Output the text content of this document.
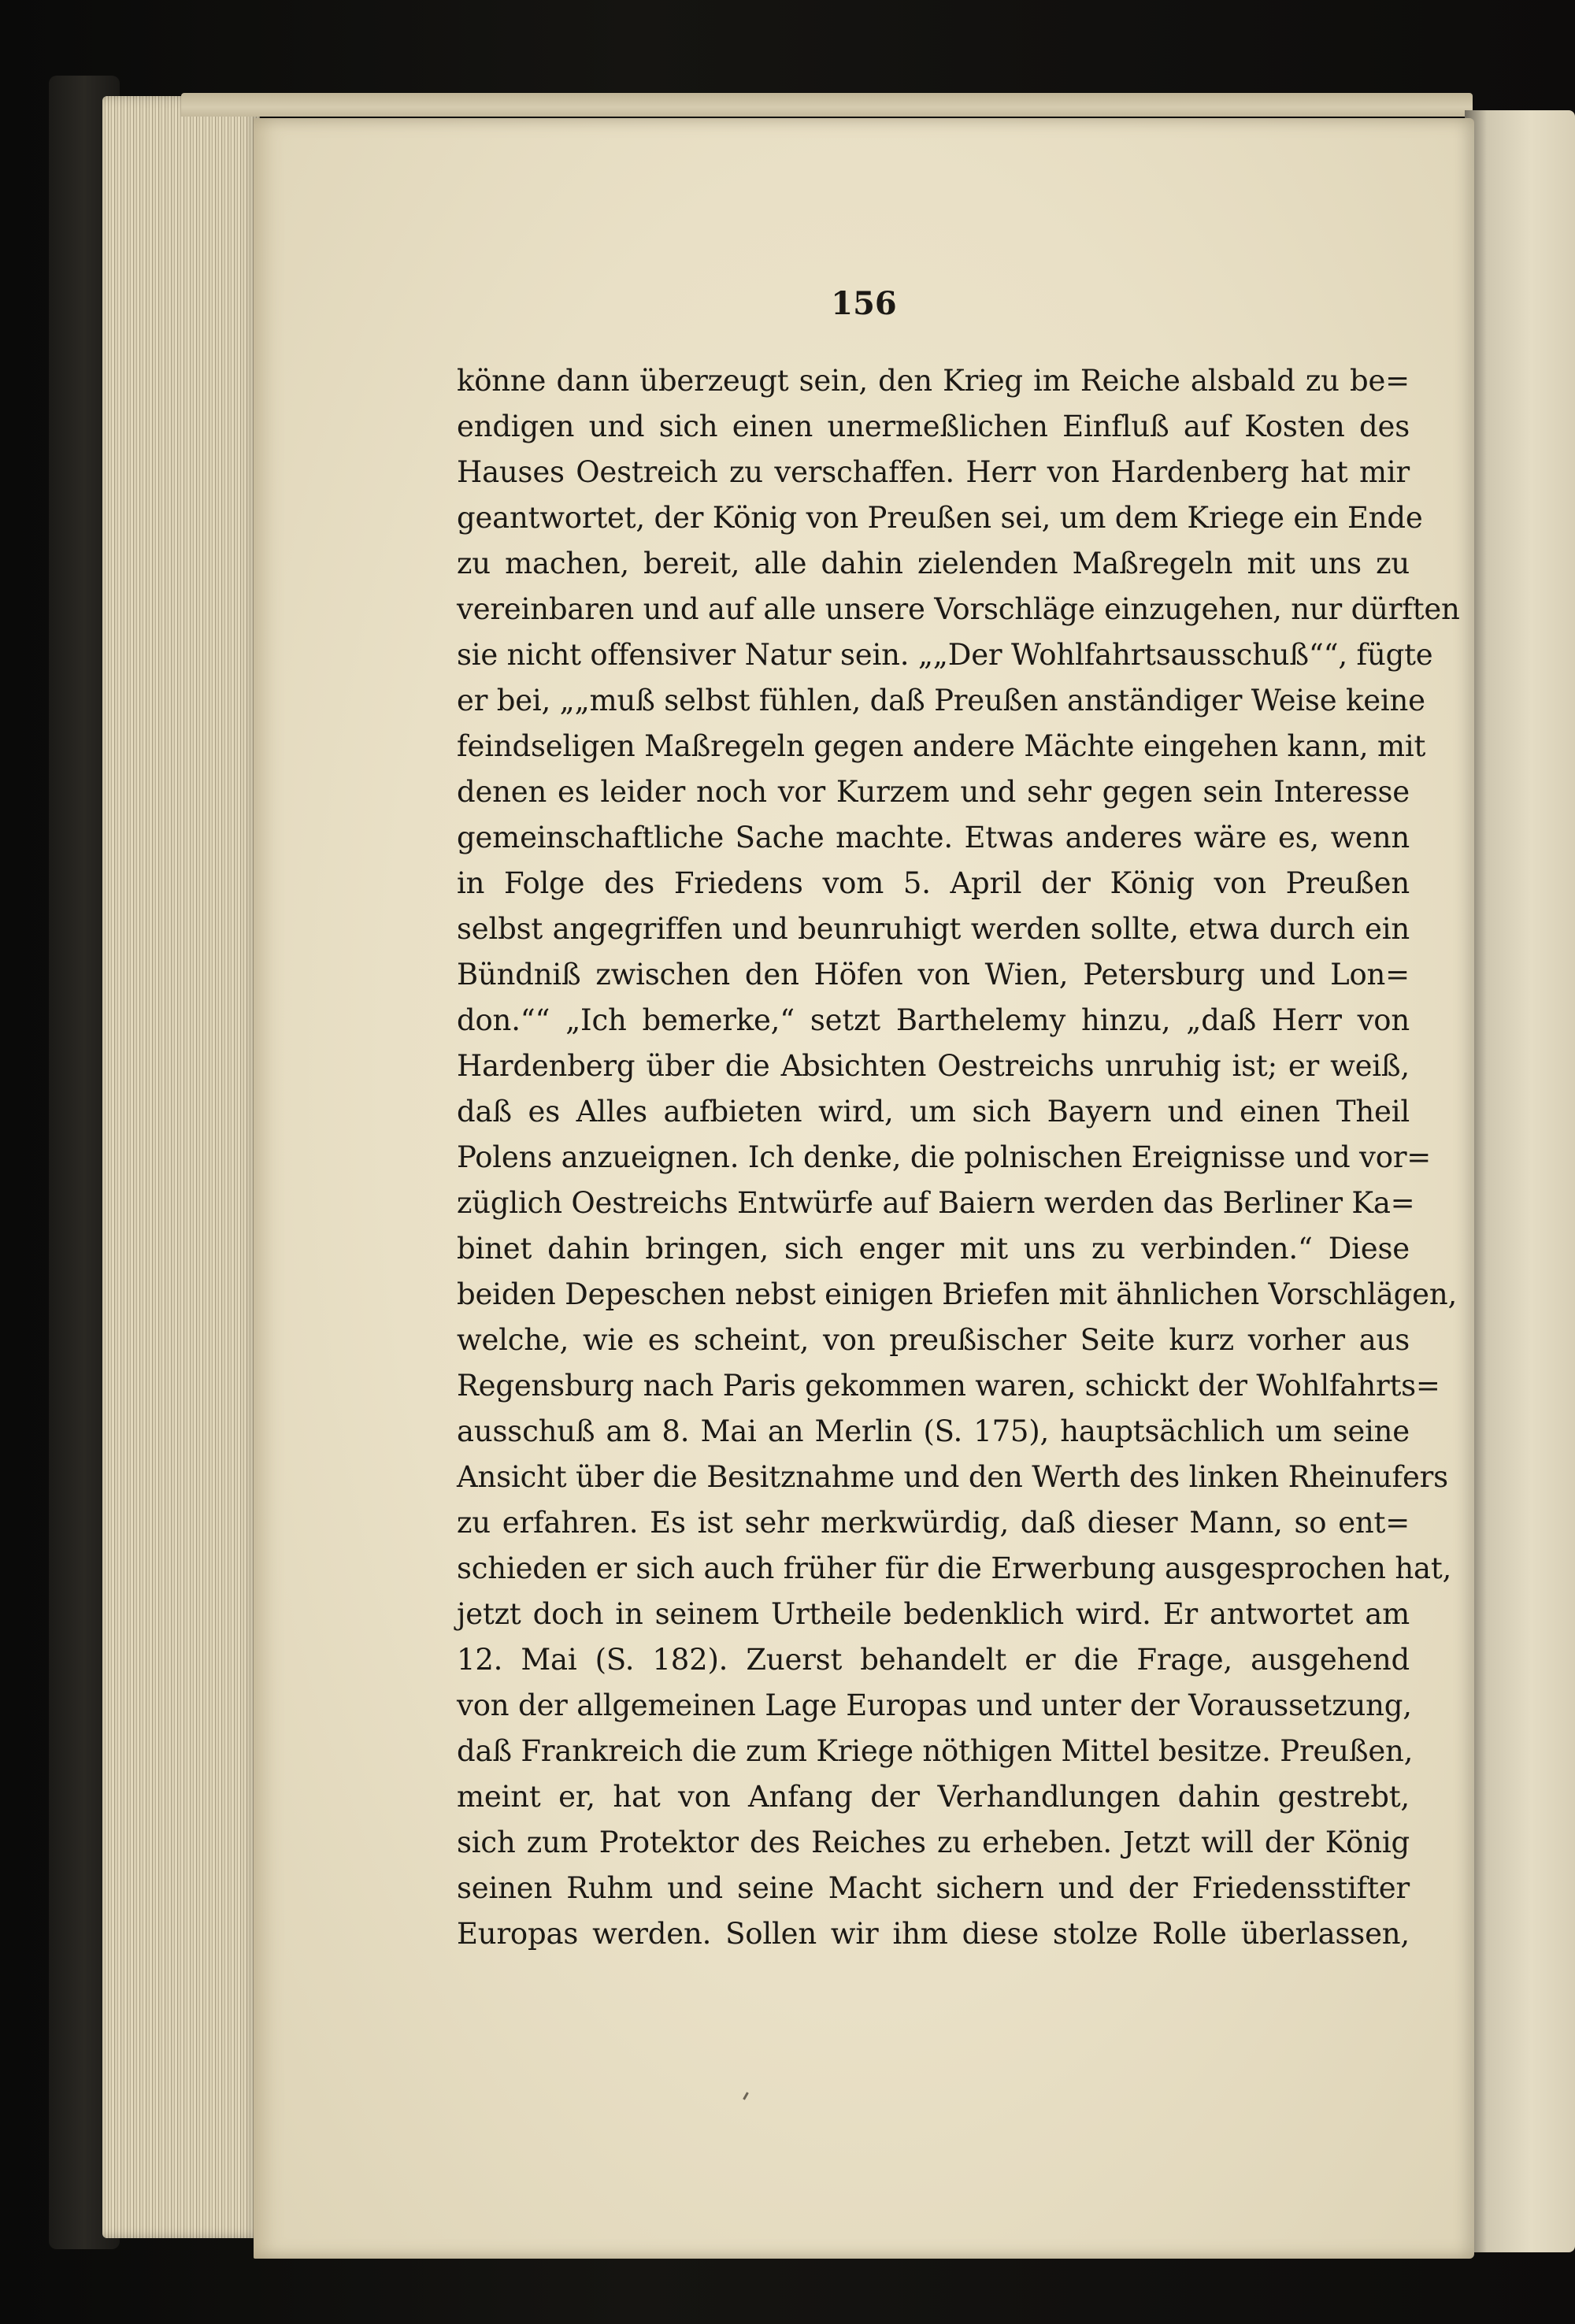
156
könne dann überzeugt sein, den Krieg im Reiche alsbald zu be=
endigen und sich einen unermeßlichen Einfluß auf Kosten des
Hauses Oestreich zu verschaffen. Herr von Hardenberg hat mir
geantwortet, der König von Preußen sei, um dem Kriege ein Ende
zu machen, bereit, alle dahin zielenden Maßregeln mit uns zu
vereinbaren und auf alle unsere Vorschläge einzugehen, nur dürften
sie nicht offensiver Natur sein. „„Der Wohlfahrtsausschuß““, fügte
er bei, „„muß selbst fühlen, daß Preußen anständiger Weise keine
feindseligen Maßregeln gegen andere Mächte eingehen kann, mit
denen es leider noch vor Kurzem und sehr gegen sein Interesse
gemeinschaftliche Sache machte. Etwas anderes wäre es, wenn
in Folge des Friedens vom 5. April der König von Preußen
selbst angegriffen und beunruhigt werden sollte, etwa durch ein
Bündniß zwischen den Höfen von Wien, Petersburg und Lon=
don.““ „Ich bemerke,“ setzt Barthelemy hinzu, „daß Herr von
Hardenberg über die Absichten Oestreichs unruhig ist; er weiß,
daß es Alles aufbieten wird, um sich Bayern und einen Theil
Polens anzueignen. Ich denke, die polnischen Ereignisse und vor=
züglich Oestreichs Entwürfe auf Baiern werden das Berliner Ka=
binet dahin bringen, sich enger mit uns zu verbinden.“ Diese
beiden Depeschen nebst einigen Briefen mit ähnlichen Vorschlägen,
welche, wie es scheint, von preußischer Seite kurz vorher aus
Regensburg nach Paris gekommen waren, schickt der Wohlfahrts=
ausschuß am 8. Mai an Merlin (S. 175), hauptsächlich um seine
Ansicht über die Besitznahme und den Werth des linken Rheinufers
zu erfahren. Es ist sehr merkwürdig, daß dieser Mann, so ent=
schieden er sich auch früher für die Erwerbung ausgesprochen hat,
jetzt doch in seinem Urtheile bedenklich wird. Er antwortet am
12. Mai (S. 182). Zuerst behandelt er die Frage, ausgehend
von der allgemeinen Lage Europas und unter der Voraussetzung,
daß Frankreich die zum Kriege nöthigen Mittel besitze. Preußen,
meint er, hat von Anfang der Verhandlungen dahin gestrebt,
sich zum Protektor des Reiches zu erheben. Jetzt will der König
seinen Ruhm und seine Macht sichern und der Friedensstifter
Europas werden. Sollen wir ihm diese stolze Rolle überlassen,
